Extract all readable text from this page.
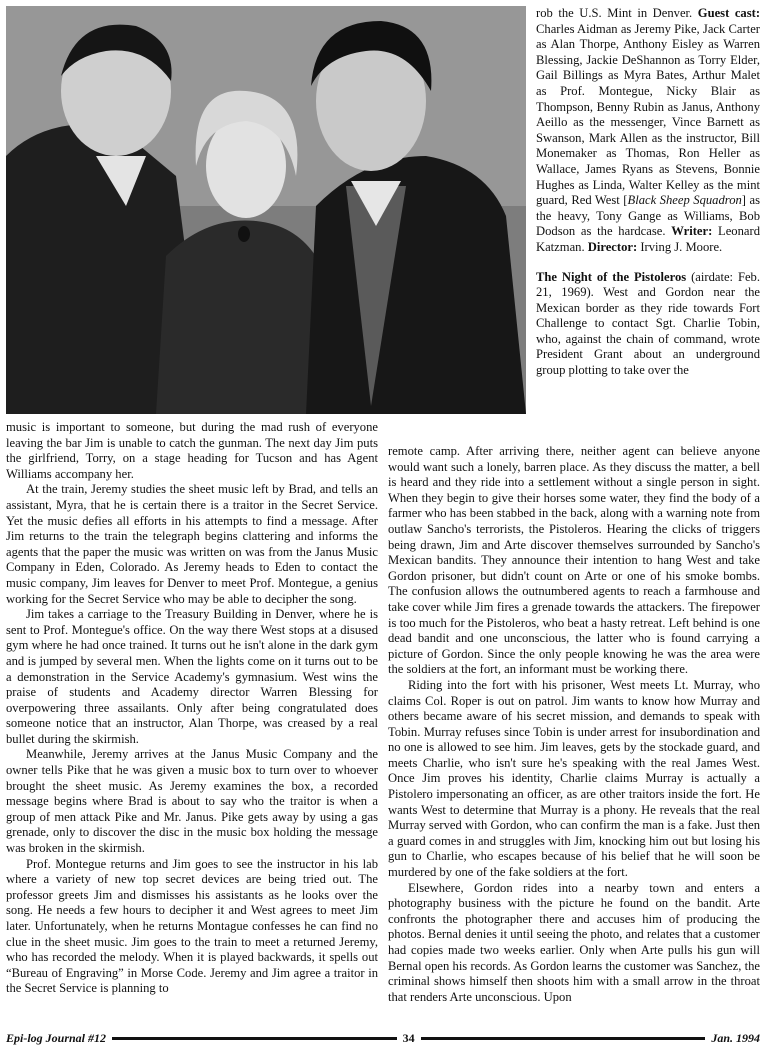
rob the U.S. Mint in Denver. Guest cast: Charles Aidman as Jeremy Pike, Jack Carter as Alan Thorpe, Anthony Eisley as Warren Blessing, Jackie DeShannon as Torry Elder, Gail Billings as Myra Bates, Arthur Malet as Prof. Montegue, Nicky Blair as Thompson, Benny Rubin as Janus, Anthony Aeillo as the messenger, Vince Barnett as Swanson, Mark Allen as the instructor, Bill Monemaker as Thomas, Ron Heller as Wallace, James Ryans as Stevens, Bonnie Hughes as Linda, Walter Kelley as the mint guard, Red West [Black Sheep Squadron] as the heavy, Tony Gange as Williams, Bob Dodson as the hardcase. Writer: Leonard Katzman. Director: Irving J. Moore.

The Night of the Pistoleros (airdate: Feb. 21, 1969). West and Gordon near the Mexican border as they ride towards Fort Challenge to contact Sgt. Charlie Tobin, who, against the chain of command, wrote President Grant about an underground group plotting to take over the

music is important to someone, but during the mad rush of everyone leaving the bar Jim is unable to catch the gunman. The next day Jim puts the girlfriend, Torry, on a stage heading for Tucson and has Agent Williams accompany her.

At the train, Jeremy studies the sheet music left by Brad, and tells an assistant, Myra, that he is certain there is a traitor in the Secret Service. Yet the music defies all efforts in his attempts to find a message. After Jim returns to the train the telegraph begins clattering and informs the agents that the paper the music was written on was from the Janus Music Company in Eden, Colorado. As Jeremy heads to Eden to contact the music company, Jim leaves for Denver to meet Prof. Montegue, a genius working for the Secret Service who may be able to decipher the song.

Jim takes a carriage to the Treasury Building in Denver, where he is sent to Prof. Montegue's office. On the way there West stops at a disused gym where he had once trained. It turns out he isn't alone in the dark gym and is jumped by several men. When the lights come on it turns out to be a demonstration in the Service Academy's gymnasium. West wins the praise of students and Academy director Warren Blessing for overpowering three assailants. Only after being congratulated does someone notice that an instructor, Alan Thorpe, was creased by a real bullet during the skirmish.

Meanwhile, Jeremy arrives at the Janus Music Company and the owner tells Pike that he was given a music box to turn over to whoever brought the sheet music. As Jeremy examines the box, a recorded message begins where Brad is about to say who the traitor is when a group of men attack Pike and Mr. Janus. Pike gets away by using a gas grenade, only to discover the disc in the music box holding the message was broken in the skirmish.

Prof. Montegue returns and Jim goes to see the instructor in his lab where a variety of new top secret devices are being tried out. The professor greets Jim and dismisses his assistants as he looks over the song. He needs a few hours to decipher it and West agrees to meet Jim later. Unfortunately, when he returns Montague confesses he can find no clue in the sheet music. Jim goes to the train to meet a returned Jeremy, who has recorded the melody. When it is played backwards, it spells out “Bureau of Engraving” in Morse Code. Jeremy and Jim agree a traitor in the Secret Service is planning to

remote camp. After arriving there, neither agent can believe anyone would want such a lonely, barren place. As they discuss the matter, a bell is heard and they ride into a settlement without a single person in sight. When they begin to give their horses some water, they find the body of a farmer who has been stabbed in the back, along with a warning note from outlaw Sancho's terrorists, the Pistoleros. Hearing the clicks of triggers being drawn, Jim and Arte discover themselves surrounded by Sancho's Mexican bandits. They announce their intention to hang West and take Gordon prisoner, but didn't count on Arte or one of his smoke bombs. The confusion allows the outnumbered agents to reach a farmhouse and take cover while Jim fires a grenade towards the attackers. The firepower is too much for the Pistoleros, who beat a hasty retreat. Left behind is one dead bandit and one unconscious, the latter who is found carrying a picture of Gordon. Since the only people knowing he was the area were the soldiers at the fort, an informant must be working there.

Riding into the fort with his prisoner, West meets Lt. Murray, who claims Col. Roper is out on patrol. Jim wants to know how Murray and others became aware of his secret mission, and demands to speak with Tobin. Murray refuses since Tobin is under arrest for insubordination and no one is allowed to see him. Jim leaves, gets by the stockade guard, and meets Charlie, who isn't sure he's speaking with the real James West. Once Jim proves his identity, Charlie claims Murray is actually a Pistolero impersonating an officer, as are other traitors inside the fort. He wants West to determine that Murray is a phony. He reveals that the real Murray served with Gordon, who can confirm the man is a fake. Just then a guard comes in and struggles with Jim, knocking him out but losing his gun to Charlie, who escapes because of his belief that he will soon be murdered by one of the fake soldiers at the fort.

Elsewhere, Gordon rides into a nearby town and enters a photography business with the picture he found on the bandit. Arte confronts the photographer there and accuses him of producing the photos. Bernal denies it until seeing the photo, and relates that a customer had copies made two weeks earlier. Only when Arte pulls his gun will Bernal open his records. As Gordon learns the customer was Sanchez, the criminal shows himself then shoots him with a small arrow in the throat that renders Arte unconscious. Upon

Epi-log Journal #12	34	Jan. 1994
